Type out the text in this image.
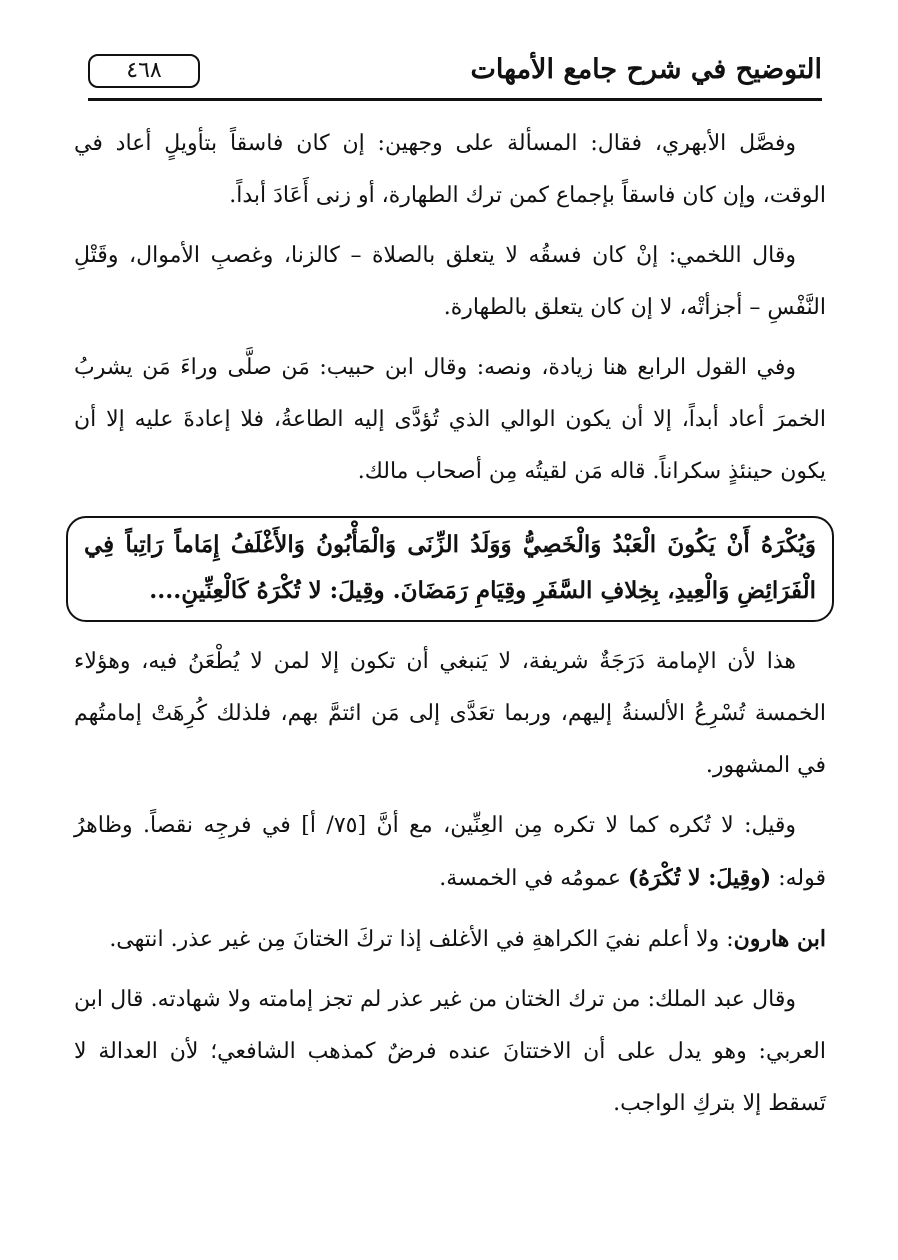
التوضيح في شرح جامع الأمهات
٤٦٨

وفصَّل الأبهري، فقال: المسألة على وجهين: إن كان فاسقاً بتأويلٍ أعاد في الوقت، وإن كان فاسقاً بإجماع كمن ترك الطهارة، أو زنى أَعَادَ أبداً.

وقال اللخمي: إنْ كان فسقُه لا يتعلق بالصلاة – كالزنا، وغصبِ الأموال، وقَتْلِ النَّفْسِ – أجزأتْه، لا إن كان يتعلق بالطهارة.

وفي القول الرابع هنا زيادة، ونصه: وقال ابن حبيب: مَن صلَّى وراءَ مَن يشربُ الخمرَ أعاد أبداً، إلا أن يكون الوالي الذي تُؤدَّى إليه الطاعةُ، فلا إعادةَ عليه إلا أن يكون حينئذٍ سكراناً. قاله مَن لقيتُه مِن أصحاب مالك.

وَيُكْرَهُ أَنْ يَكُونَ الْعَبْدُ وَالْخَصِيُّ وَوَلَدُ الزِّنَى وَالْمَأْبُونُ وَالأَغْلَفُ إِمَاماً رَاتِباً فِي الْفَرَائِضِ وَالْعِيدِ، بِخِلافِ السَّفَرِ وقِيَامِ رَمَضَانَ. وقِيلَ: لا تُكْرَهُ كَالْعِنِّينِ....

هذا لأن الإمامة دَرَجَةٌ شريفة، لا يَنبغي أن تكون إلا لمن لا يُطْعَنُ فيه، وهؤلاء الخمسة تُسْرِعُ الألسنةُ إليهم، وربما تعَدَّى إلى مَن ائتمَّ بهم، فلذلك كُرِهَتْ إمامتُهم في المشهور.

وقيل: لا تُكره كما لا تكره مِن العِنِّين، مع أنَّ [٧٥/ أ] في فرجِه نقصاً. وظاهرُ قوله: (وقِيلَ: لا تُكْرَهُ) عمومُه في الخمسة.

ابن هارون: ولا أعلم نفيَ الكراهةِ في الأغلف إذا تركَ الختانَ مِن غير عذر. انتهى.

وقال عبد الملك: من ترك الختان من غير عذر لم تجز إمامته ولا شهادته. قال ابن العربي: وهو يدل على أن الاختتانَ عنده فرضٌ كمذهب الشافعي؛ لأن العدالة لا تَسقط إلا بتركِ الواجب.
